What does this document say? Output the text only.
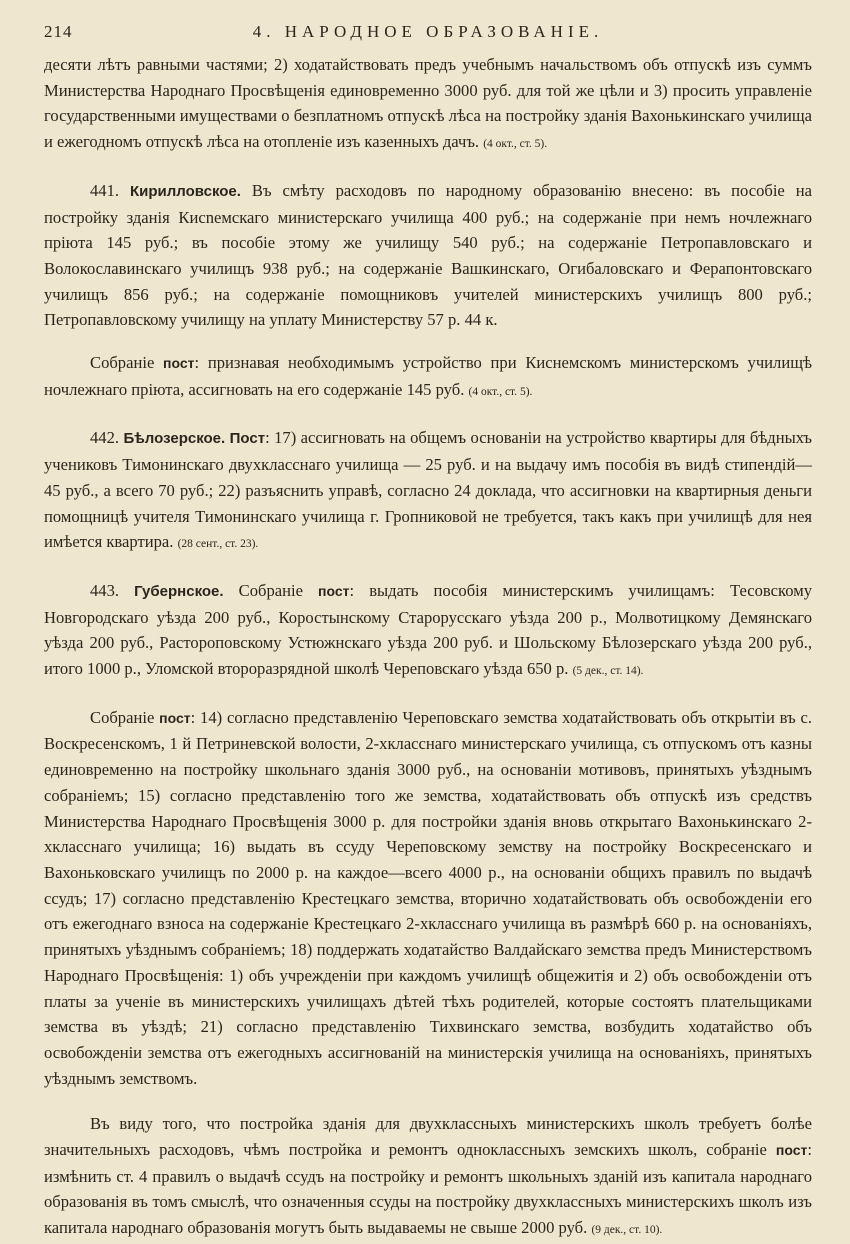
214	4. НАРОДНОЕ ОБРАЗОВАНІЕ.

десяти лѣтъ равными частями; 2) ходатайствовать предъ учебнымъ начальствомъ объ отпускѣ изъ суммъ Министерства Народнаго Просвѣщенія единовременно 3000 руб. для той же цѣли и 3) просить управленіе государственными имуществами о безплатномъ отпускѣ лѣса на постройку зданія Вахонькинскаго училища и ежегодномъ отпускѣ лѣса на отопленіе изъ казенныхъ дачъ. (4 окт., ст. 5).

441. Кирилловское. Въ смѣту расходовъ по народному образованію внесено: въ пособіе на постройку зданія Кисnемскаго министерскаго училища 400 руб.; на содержаніе при немъ ночлежнаго пріюта 145 руб.; въ пособіе этому же училищу 540 руб.; на содержаніе Петропавловскаго и Волокославинскаго училищъ 938 руб.; на содержаніе Вашкинскаго, Огибаловскаго и Ферапонтовскаго училищъ 856 руб.; на содержаніе помощниковъ учителей министерскихъ училищъ 800 руб.; Петропавловскому училищу на уплату Министерству 57 р. 44 к.

Собраніе пост: признавая необходимымъ устройство при Киснемскомъ министерскомъ училищѣ ночлежнаго пріюта, ассигновать на его содержаніе 145 руб. (4 окт., ст. 5).

442. Бѣлозерское. Пост: 17) ассигновать на общемъ основаніи на устройство квартиры для бѣдныхъ учениковъ Тимонинскаго двухкласснаго училища — 25 руб. и на выдачу имъ пособія въ видѣ стипендій—45 руб., а всего 70 руб.; 22) разъяснить управѣ, согласно 24 доклада, что ассигновки на квартирныя деньги помощницѣ учителя Тимонинскаго училища г. Гропниковой не требуется, такъ какъ при училищѣ для нея имѣется квартира. (28 сент., ст. 23).

443. Губернское. Собраніе пост: выдать пособія министерскимъ училищамъ: Тесовскому Новгородскаго уѣзда 200 руб., Коростынскому Старорусскаго уѣзда 200 р., Молвотицкому Демянскаго уѣзда 200 руб., Растороповскому Устюжнскаго уѣзда 200 руб. и Шольскому Бѣлозерскаго уѣзда 200 руб., итого 1000 р., Уломской второразрядной школѣ Череповскаго уѣзда 650 р. (5 дек., ст. 14).

Собраніе пост: 14) согласно представленію Череповскаго земства ходатайствовать объ открытіи въ с. Воскресенскомъ, 1 й Петриневской волости, 2-хкласснаго министерскаго училища, съ отпускомъ отъ казны единовременно на постройку школьнаго зданія 3000 руб., на основаніи мотивовъ, принятыхъ уѣзднымъ собраніемъ; 15) согласно представленію того же земства, ходатайствовать объ отпускѣ изъ средствъ Министерства Народнаго Просвѣщенія 3000 р. для постройки зданія вновь открытаго Вахонькинскаго 2-хкласснаго училища; 16) выдать въ ссуду Череповскому земству на постройку Воскресенскаго и Вахоньковскаго училищъ по 2000 р. на каждое—всего 4000 р., на основаніи общихъ правилъ по выдачѣ ссудъ; 17) согласно представленію Крестецкаго земства, вторично ходатайствовать объ освобожденіи его отъ ежегоднаго взноса на содержаніе Крестецкаго 2-хкласснаго училища въ размѣрѣ 660 р. на основаніяхъ, принятыхъ уѣзднымъ собраніемъ; 18) поддержать ходатайство Валдайскаго земства предъ Министерствомъ Народнаго Просвѣщенія: 1) объ учрежденіи при каждомъ училищѣ общежитія и 2) объ освобожденіи отъ платы за ученіе въ министерскихъ училищахъ дѣтей тѣхъ родителей, которые состоятъ плательщиками земства въ уѣздѣ; 21) согласно представленію Тихвинскаго земства, возбудить ходатайство объ освобожденіи земства отъ ежегодныхъ ассигнованій на министерскія училища на основаніяхъ, принятыхъ уѣзднымъ земствомъ.

Въ виду того, что постройка зданія для двухклассныхъ министерскихъ школъ требуетъ болѣе значительныхъ расходовъ, чѣмъ постройка и ремонтъ одноклассныхъ земскихъ школъ, собраніе пост: измѣнить ст. 4 правилъ о выдачѣ ссудъ на постройку и ремонтъ школьныхъ зданій изъ капитала народнаго образованія въ томъ смыслѣ, что означенныя ссуды на постройку двухклассныхъ министерскихъ школъ изъ капитала народнаго образованія могутъ быть выдаваемы не свыше 2000 руб. (9 дек., ст. 10).
